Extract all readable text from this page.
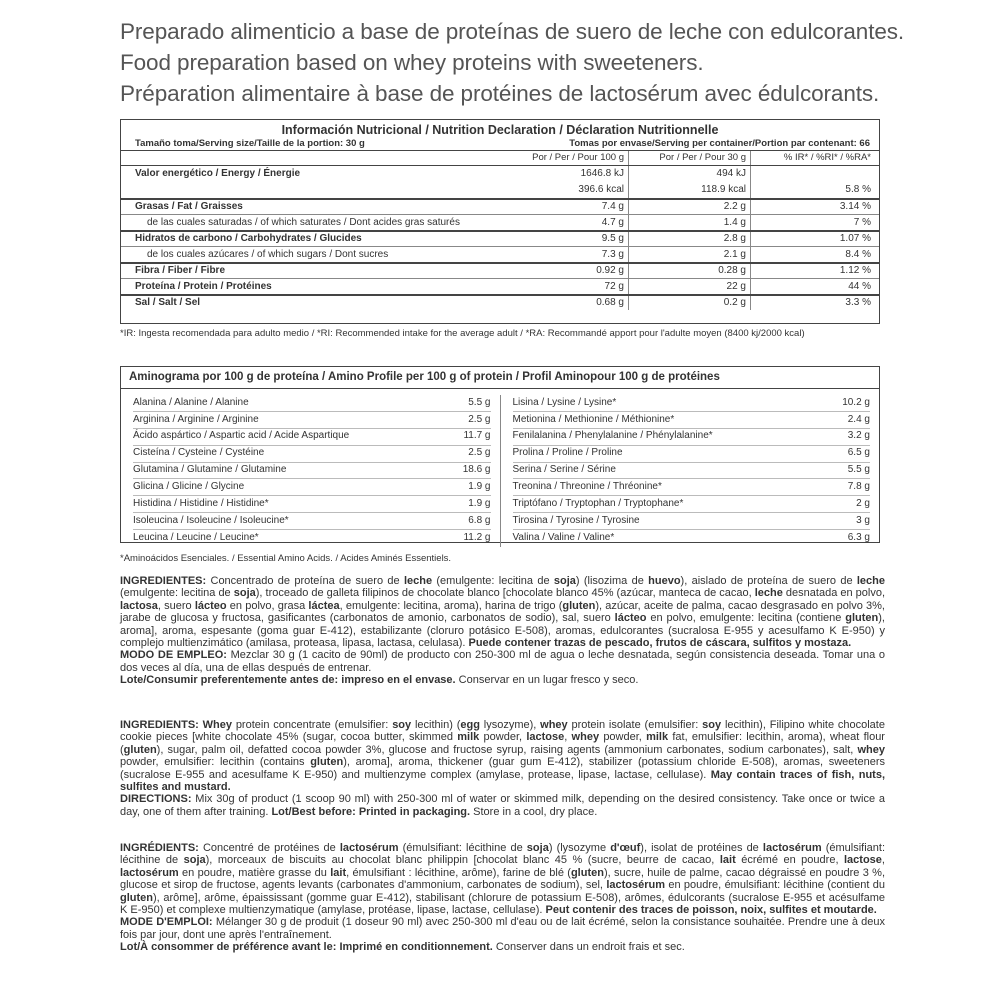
Preparado alimenticio a base de proteínas de suero de leche con edulcorantes.
Food preparation based on whey proteins with sweeteners.
Préparation alimentaire à base de protéines de lactosérum avec édulcorants.
Información Nutricional / Nutrition Declaration / Déclaration Nutritionnelle
Tamaño toma/Serving size/Taille de la portion: 30 g	Tomas por envase/Serving per container/Portion par contenant: 66
Por / Per / Pour 100 g	Por / Per / Pour 30 g	% IR* / %RI* / %RA*
Valor energético / Energy / Énergie	1646.8 kJ	494 kJ
396.6 kcal	118.9 kcal	5.8 %
Grasas / Fat / Graisses	7.4 g	2.2 g	3.14 %
de las cuales saturadas / of which saturates / Dont acides gras saturés	4.7 g	1.4 g	7 %
Hidratos de carbono / Carbohydrates / Glucides	9.5 g	2.8 g	1.07 %
de los cuales azúcares / of which sugars / Dont sucres	7.3 g	2.1 g	8.4 %
Fibra / Fiber / Fibre	0.92 g	0.28 g	1.12 %
Proteína / Protein / Protéines	72 g	22 g	44 %
Sal / Salt / Sel	0.68 g	0.2 g	3.3 %
*IR: Ingesta recomendada para adulto medio / *RI: Recommended intake for the average adult / *RA: Recommandé apport pour l'adulte moyen (8400 kj/2000 kcal)
Aminograma por 100 g de proteína / Amino Profile per 100 g of protein / Profil Aminopour 100 g de protéines
Alanina / Alanine / Alanine	5.5 g
Arginina / Arginine / Arginine	2.5 g
Ácido aspártico / Aspartic acid / Acide Aspartique	11.7 g
Cisteína / Cysteine / Cystéine	2.5 g
Glutamina / Glutamine / Glutamine	18.6 g
Glicina / Glicine / Glycine	1.9 g
Histidina / Histidine / Histidine*	1.9 g
Isoleucina / Isoleucine / Isoleucine*	6.8 g
Leucina / Leucine / Leucine*	11.2 g
Lisina / Lysine / Lysine*	10.2 g
Metionina / Methionine / Méthionine*	2.4 g
Fenilalanina / Phenylalanine / Phénylalanine*	3.2 g
Prolina / Proline / Proline	6.5 g
Serina / Serine / Sérine	5.5 g
Treonina / Threonine / Thréonine*	7.8 g
Triptófano / Tryptophan / Tryptophane*	2 g
Tirosina / Tyrosine / Tyrosine	3 g
Valina / Valine / Valine*	6.3 g
*Aminoácidos Esenciales. / Essential Amino Acids. / Acides Aminés Essentiels.

INGREDIENTES: Concentrado de proteína de suero de leche (emulgente: lecitina de soja) (lisozima de huevo), aislado de proteína de suero de leche (emulgente: lecitina de soja), troceado de galleta filipinos de chocolate blanco [chocolate blanco 45% (azúcar, manteca de cacao, leche desnatada en polvo, lactosa, suero lácteo en polvo, grasa láctea, emulgente: lecitina, aroma), harina de trigo (gluten), azúcar, aceite de palma, cacao desgrasado en polvo 3%, jarabe de glucosa y fructosa, gasificantes (carbonatos de amonio, carbonatos de sodio), sal, suero lácteo en polvo, emulgente: lecitina (contiene gluten), aroma], aroma, espesante (goma guar E-412), estabilizante (cloruro potásico E-508), aromas, edulcorantes (sucralosa E-955 y acesulfamo K E-950) y complejo multienzimático (amilasa, proteasa, lipasa, lactasa, celulasa). Puede contener trazas de pescado, frutos de cáscara, sulfitos y mostaza.

MODO DE EMPLEO: Mezclar 30 g (1 cacito de 90ml) de producto con 250-300 ml de agua o leche desnatada, según consistencia deseada. Tomar una o dos veces al día, una de ellas después de entrenar.

Lote/Consumir preferentemente antes de: impreso en el envase. Conservar en un lugar fresco y seco.

INGREDIENTS: Whey protein concentrate (emulsifier: soy lecithin) (egg lysozyme), whey protein isolate (emulsifier: soy lecithin), Filipino white chocolate cookie pieces [white chocolate 45% (sugar, cocoa butter, skimmed milk powder, lactose, whey powder, milk fat, emulsifier: lecithin, aroma), wheat flour (gluten), sugar, palm oil, defatted cocoa powder 3%, glucose and fructose syrup, raising agents (ammonium carbonates, sodium carbonates), salt, whey powder, emulsifier: lecithin (contains gluten), aroma], aroma, thickener (guar gum E-412), stabilizer (potassium chloride E-508), aromas, sweeteners (sucralose E-955 and acesulfame K E-950) and multienzyme complex (amylase, protease, lipase, lactase, cellulase). May contain traces of fish, nuts, sulfites and mustard.

DIRECTIONS: Mix 30g of product (1 scoop 90 ml) with 250-300 ml of water or skimmed milk, depending on the desired consistency. Take once or twice a day, one of them after training. Lot/Best before: Printed in packaging. Store in a cool, dry place.

INGRÉDIENTS: Concentré de protéines de lactosérum (émulsifiant: lécithine de soja) (lysozyme d'œuf), isolat de protéines de lactosérum (émulsifiant: lécithine de soja), morceaux de biscuits au chocolat blanc philippin [chocolat blanc 45 % (sucre, beurre de cacao, lait écrémé en poudre, lactose, lactosérum en poudre, matière grasse du lait, émulsifiant : lécithine, arôme), farine de blé (gluten), sucre, huile de palme, cacao dégraissé en poudre 3 %, glucose et sirop de fructose, agents levants (carbonates d'ammonium, carbonates de sodium), sel, lactosérum en poudre, émulsifiant: lécithine (contient du gluten), arôme], arôme, épaississant (gomme guar E-412), stabilisant (chlorure de potassium E-508), arômes, édulcorants (sucralose E-955 et acésulfame K E-950) et complexe multienzymatique (amylase, protéase, lipase, lactase, cellulase). Peut contenir des traces de poisson, noix, sulfites et moutarde.

MODE D'EMPLOI: Mélanger 30 g de produit (1 doseur 90 ml) avec 250-300 ml d'eau ou de lait écrémé, selon la consistance souhaitée. Prendre une à deux fois par jour, dont une après l'entraînement.

Lot/À consommer de préférence avant le: Imprimé en conditionnement. Conserver dans un endroit frais et sec.
